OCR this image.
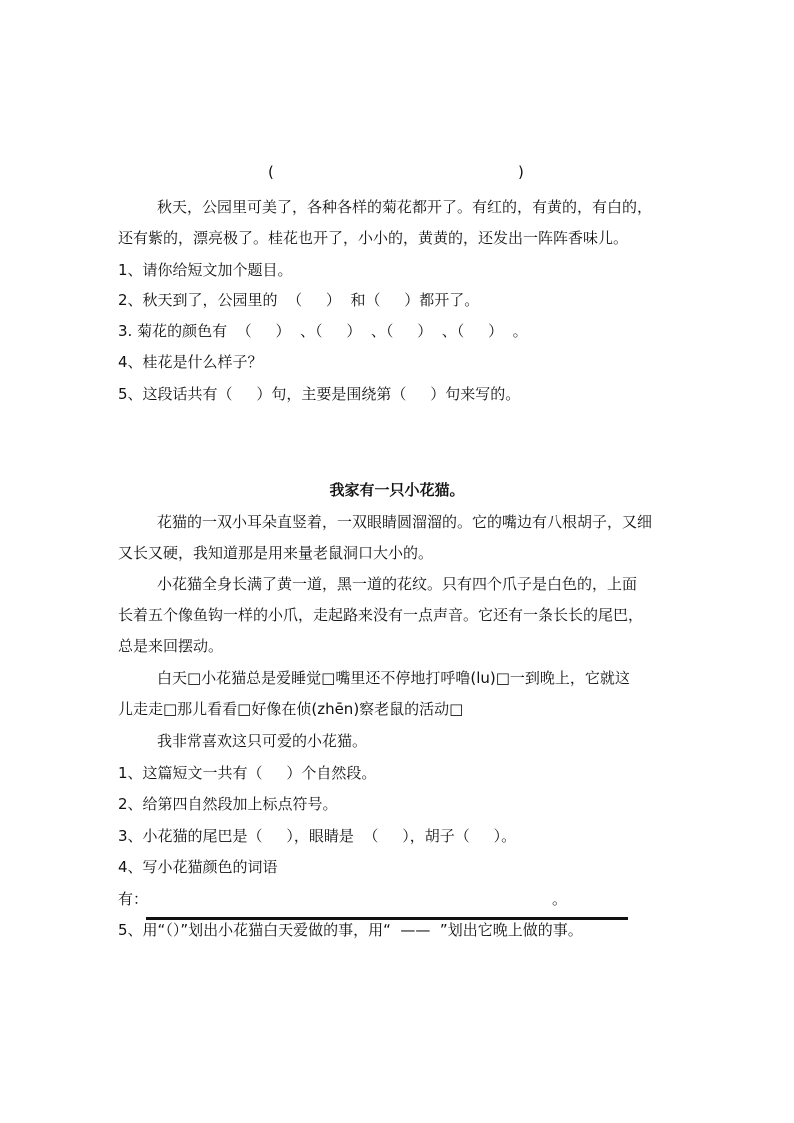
(	)
秋天，公园里可美了，各种各样的菊花都开了。有红的，有黄的，有白的，
还有紫的，漂亮极了。桂花也开了，小小的，黄黄的，还发出一阵阵香味儿。
1、请你给短文加个题目。
2、秋天到了，公园里的  （     ）  和（     ）都开了。
3. 菊花的颜色有  （     ）  、（     ）  、（     ）  、（     ）  。
4、桂花是什么样子？
5、这段话共有（     ）句，主要是围绕第（     ）句来写的。
我家有一只小花猫。
花猫的一双小耳朵直竖着，一双眼睛圆溜溜的。它的嘴边有八根胡子，又细
又长又硬，我知道那是用来量老鼠洞口大小的。
小花猫全身长满了黄一道，黑一道的花纹。只有四个爪子是白色的，上面
长着五个像鱼钩一样的小爪，走起路来没有一点声音。它还有一条长长的尾巴，
总是来回摆动。
白天□小花猫总是爱睡觉□嘴里还不停地打呼噜(lu)□一到晚上，它就这
儿走走□那儿看看□好像在侦(zhēn)察老鼠的活动□
我非常喜欢这只可爱的小花猫。
1、这篇短文一共有（     ）个自然段。
2、给第四自然段加上标点符号。
3、小花猫的尾巴是（     ），眼睛是  （     ），胡子（     ）。
4、写小花猫颜色的词语
有：	。
5、用“（）”划出小花猫白天爱做的事，用“  ——  ”划出它晚上做的事。
